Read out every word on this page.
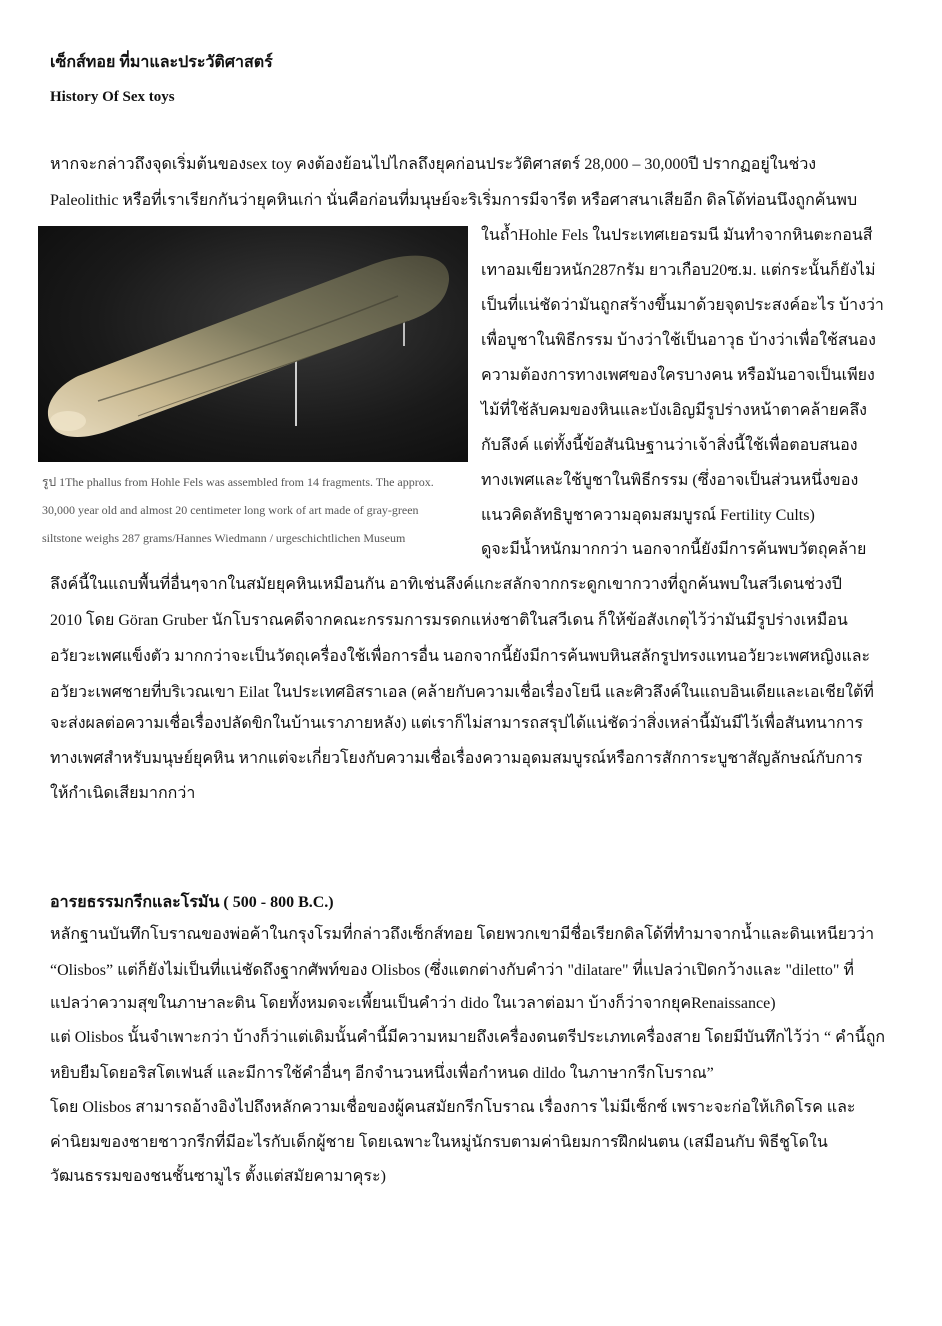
เซ็กส์ทอย ที่มาและประวัติศาสตร์
History Of Sex toys
หากจะกล่าวถึงจุดเริ่มต้นของsex toy คงต้องย้อนไปไกลถึงยุคก่อนประวัติศาสตร์ 28,000 – 30,000ปี ปรากฏอยู่ในช่วง
Paleolithic หรือที่เราเรียกกันว่ายุคหินเก่า นั่นคือก่อนที่มนุษย์จะริเริ่มการมีจารีต หรือศาสนาเสียอีก ดิลโด้ท่อนนึงถูกค้นพบ
รูป 1The phallus from Hohle Fels was assembled from 14 fragments. The approx.
30,000 year old and almost 20 centimeter long work of art made of gray-green
siltstone weighs 287 grams/Hannes Wiedmann / urgeschichtlichen Museum
ในถ้ำHohle Fels ในประเทศเยอรมนี มันทำจากหินตะกอนสี
เทาอมเขียวหนัก287กรัม ยาวเกือบ20ซ.ม. แต่กระนั้นก็ยังไม่
เป็นที่แน่ชัดว่ามันถูกสร้างขึ้นมาด้วยจุดประสงค์อะไร บ้างว่า
เพื่อบูชาในพิธีกรรม บ้างว่าใช้เป็นอาวุธ บ้างว่าเพื่อใช้สนอง
ความต้องการทางเพศของใครบางคน หรือมันอาจเป็นเพียง
ไม้ที่ใช้ลับคมของหินและบังเอิญมีรูปร่างหน้าตาคล้ายคลึง
กับลึงค์ แต่ทั้งนี้ข้อสันนิษฐานว่าเจ้าสิ่งนี้ใช้เพื่อตอบสนอง
ทางเพศและใช้บูชาในพิธีกรรม (ซึ่งอาจเป็นส่วนหนึ่งของ
แนวคิดลัทธิบูชาความอุดมสมบูรณ์ Fertility Cults)
ดูจะมีน้ำหนักมากกว่า นอกจากนี้ยังมีการค้นพบวัตถุคล้าย
ลึงค์นี้ในแถบพื้นที่อื่นๆจากในสมัยยุคหินเหมือนกัน อาทิเช่นลึงค์แกะสลักจากกระดูกเขากวางที่ถูกค้นพบในสวีเดนช่วงปี
2010 โดย Göran Gruber นักโบราณคดีจากคณะกรรมการมรดกแห่งชาติในสวีเดน ก็ให้ข้อสังเกตุไว้ว่ามันมีรูปร่างเหมือน
อวัยวะเพศแข็งตัว มากกว่าจะเป็นวัตถุเครื่องใช้เพื่อการอื่น นอกจากนี้ยังมีการค้นพบหินสลักรูปทรงแทนอวัยวะเพศหญิงและ
อวัยวะเพศชายที่บริเวณเขา Eilat ในประเทศอิสราเอล (คล้ายกับความเชื่อเรื่องโยนี และศิวลึงค์ในแถบอินเดียและเอเชียใต้ที่
จะส่งผลต่อความเชื่อเรื่องปลัดขิกในบ้านเราภายหลัง) แต่เราก็ไม่สามารถสรุปได้แน่ชัดว่าสิ่งเหล่านี้มันมีไว้เพื่อสันทนาการ
ทางเพศสำหรับมนุษย์ยุคหิน หากแต่จะเกี่ยวโยงกับความเชื่อเรื่องความอุดมสมบูรณ์หรือการสักการะบูชาสัญลักษณ์กับการ
ให้กำเนิดเสียมากกว่า
อารยธรรมกรีกและโรมัน ( 500 - 800 B.C.)
หลักฐานบันทึกโบราณของพ่อค้าในกรุงโรมที่กล่าวถึงเซ็กส์ทอย โดยพวกเขามีชื่อเรียกดิลโด้ที่ทำมาจากน้ำและดินเหนียวว่า
“Olisbos” แต่ก็ยังไม่เป็นที่แน่ชัดถึงฐากศัพท์ของ Olisbos (ซึ่งแตกต่างกับคำว่า "dilatare" ที่แปลว่าเปิดกว้างและ "diletto" ที่
แปลว่าความสุขในภาษาละติน โดยทั้งหมดจะเพี้ยนเป็นคำว่า dido ในเวลาต่อมา บ้างก็ว่าจากยุคRenaissance)
แต่ Olisbos นั้นจำเพาะกว่า บ้างก็ว่าแต่เดิมนั้นคำนี้มีความหมายถึงเครื่องดนตรีประเภทเครื่องสาย โดยมีบันทึกไว้ว่า “ คำนี้ถูก
หยิบยืมโดยอริสโตเฟนส์ และมีการใช้คำอื่นๆ อีกจำนวนหนึ่งเพื่อกำหนด dildo ในภาษากรีกโบราณ”
โดย Olisbos สามารถอ้างอิงไปถึงหลักความเชื่อของผู้คนสมัยกรีกโบราณ เรื่องการ ไม่มีเซ็กซ์ เพราะจะก่อให้เกิดโรค และ
ค่านิยมของชายชาวกรีกที่มีอะไรกับเด็กผู้ชาย โดยเฉพาะในหมู่นักรบตามค่านิยมการฝึกฝนตน (เสมือนกับ พิธีชูโดใน
วัฒนธรรมของชนชั้นซามูไร ตั้งแต่สมัยคามาคุระ)
